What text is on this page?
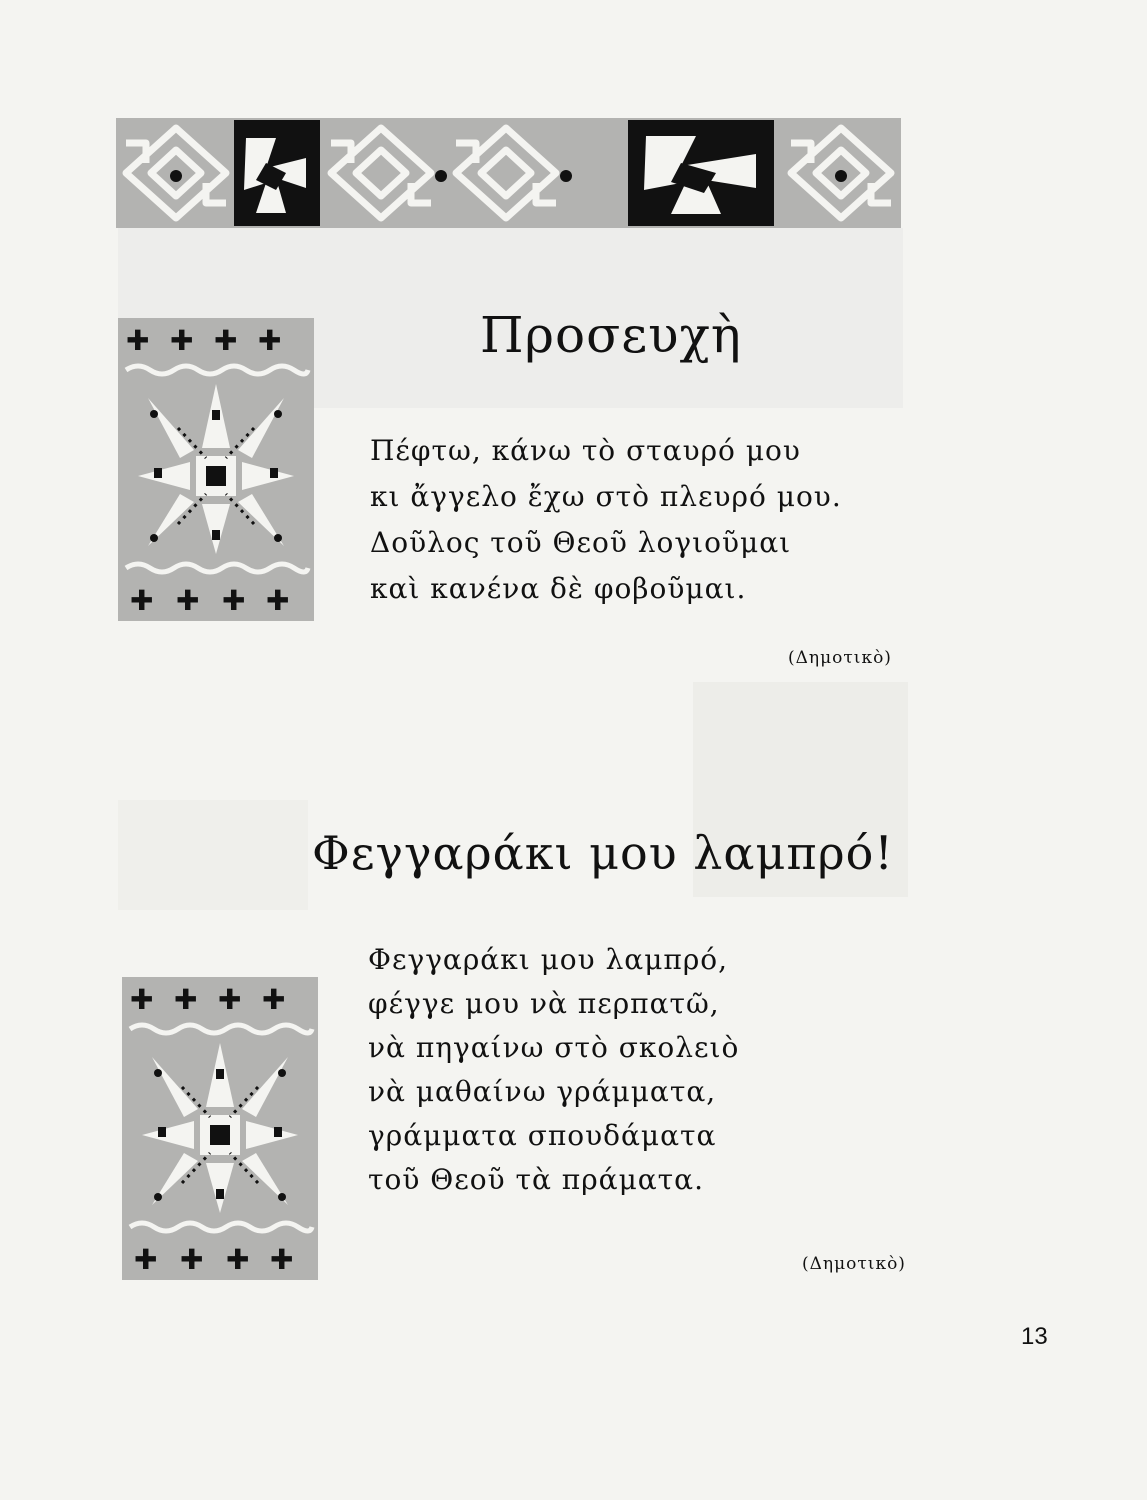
✚ ✚ ✚ ✚
✚ ✚ ✚ ✚
Προσευχὴ
Πέφτω, κάνω τὸ σταυρό μου
κι ἄγγελο ἔχω στὸ πλευρό μου.
Δοῦλος τοῦ Θεοῦ λογιοῦμαι
καὶ κανένα δὲ φοβοῦμαι.
(Δημοτικὸ)
Φεγγαράκι μου λαμπρό!
✚ ✚ ✚ ✚
✚ ✚ ✚ ✚
Φεγγαράκι μου λαμπρό,
φέγγε μου νὰ περπατῶ,
νὰ πηγαίνω στὸ σκολειὸ
νὰ μαθαίνω γράμματα,
γράμματα σπουδάματα
τοῦ Θεοῦ τὰ πράματα.
(Δημοτικὸ)
13
